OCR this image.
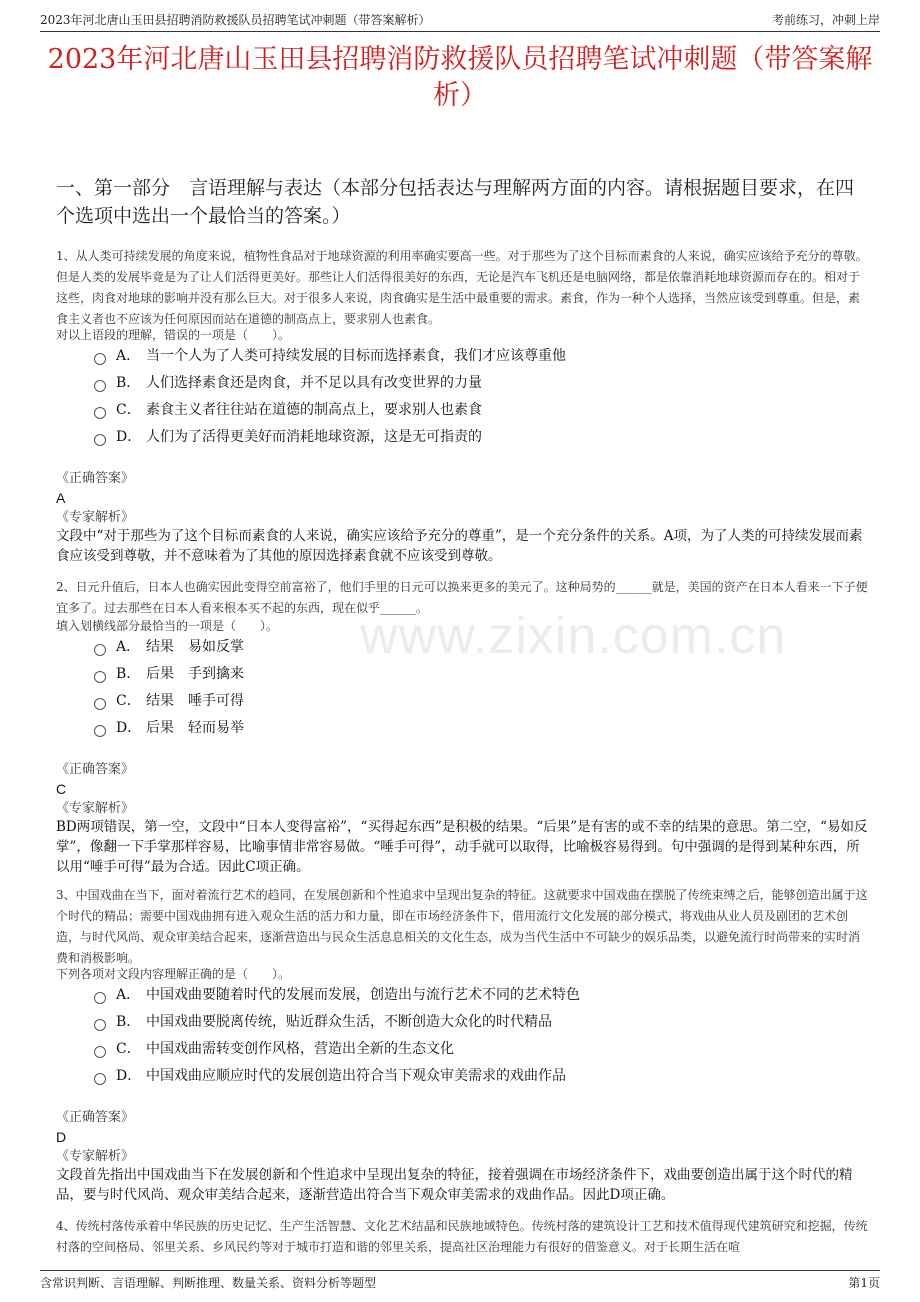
2023年河北唐山玉田县招聘消防救援队员招聘笔试冲刺题（带答案解析）	考前练习，冲刺上岸
2023年河北唐山玉田县招聘消防救援队员招聘笔试冲刺题（带答案解析）
一、第一部分　言语理解与表达（本部分包括表达与理解两方面的内容。请根据题目要求，在四个选项中选出一个最恰当的答案。）
www.zixin.com.cn
1、从人类可持续发展的角度来说，植物性食品对于地球资源的利用率确实要高一些。对于那些为了这个目标而素食的人来说，确实应该给予充分的尊敬。但是人类的发展毕竟是为了让人们活得更美好。那些让人们活得很美好的东西，无论是汽车飞机还是电脑网络，都是依靠消耗地球资源而存在的。相对于这些，肉食对地球的影响并没有那么巨大。对于很多人来说，肉食确实是生活中最重要的需求。素食，作为一种个人选择，当然应该受到尊重。但是，素食主义者也不应该为任何原因而站在道德的制高点上，要求别人也素食。
对以上语段的理解，错误的一项是（　　）。
A． 当一个人为了人类可持续发展的目标而选择素食，我们才应该尊重他
B． 人们选择素食还是肉食，并不足以具有改变世界的力量
C． 素食主义者往往站在道德的制高点上，要求别人也素食
D． 人们为了活得更美好而消耗地球资源，这是无可指责的
《正确答案》
A
《专家解析》
文段中“对于那些为了这个目标而素食的人来说，确实应该给予充分的尊重”，是一个充分条件的关系。A项，为了人类的可持续发展而素食应该受到尊敬，并不意味着为了其他的原因选择素食就不应该受到尊敬。
2、日元升值后，日本人也确实因此变得空前富裕了，他们手里的日元可以换来更多的美元了。这种局势的______就是，美国的资产在日本人看来一下子便宜多了。过去那些在日本人看来根本买不起的东西，现在似乎______。
填入划横线部分最恰当的一项是（　　）。
A． 结果　易如反掌
B． 后果　手到擒来
C． 结果　唾手可得
D． 后果　轻而易举
《正确答案》
C
《专家解析》
BD两项错误，第一空，文段中“日本人变得富裕”，“买得起东西”是积极的结果。“后果”是有害的或不幸的结果的意思。第二空，“易如反掌”，像翻一下手掌那样容易，比喻事情非常容易做。“唾手可得”，动手就可以取得，比喻极容易得到。句中强调的是得到某种东西，所以用“唾手可得”最为合适。因此C项正确。
3、中国戏曲在当下，面对着流行艺术的趋同，在发展创新和个性追求中呈现出复杂的特征。这就要求中国戏曲在摆脱了传统束缚之后，能够创造出属于这个时代的精品；需要中国戏曲拥有进入观众生活的活力和力量，即在市场经济条件下，借用流行文化发展的部分模式，将戏曲从业人员及剧团的艺术创造，与时代风尚、观众审美结合起来，逐渐营造出与民众生活息息相关的文化生态，成为当代生活中不可缺少的娱乐品类，以避免流行时尚带来的实时消费和消极影响。
下列各项对文段内容理解正确的是（　　）。
A． 中国戏曲要随着时代的发展而发展，创造出与流行艺术不同的艺术特色
B． 中国戏曲要脱离传统，贴近群众生活，不断创造大众化的时代精品
C． 中国戏曲需转变创作风格，营造出全新的生态文化
D． 中国戏曲应顺应时代的发展创造出符合当下观众审美需求的戏曲作品
《正确答案》
D
《专家解析》
文段首先指出中国戏曲当下在发展创新和个性追求中呈现出复杂的特征，接着强调在市场经济条件下，戏曲要创造出属于这个时代的精品，要与时代风尚、观众审美结合起来，逐渐营造出符合当下观众审美需求的戏曲作品。因此D项正确。
4、传统村落传承着中华民族的历史记忆、生产生活智慧、文化艺术结晶和民族地域特色。传统村落的建筑设计工艺和技术值得现代建筑研究和挖掘，传统村落的空间格局、邻里关系、乡风民约等对于城市打造和谐的邻里关系，提高社区治理能力有很好的借鉴意义。对于长期生活在喧
含常识判断、言语理解、判断推理、数量关系、资料分析等题型	第1页
